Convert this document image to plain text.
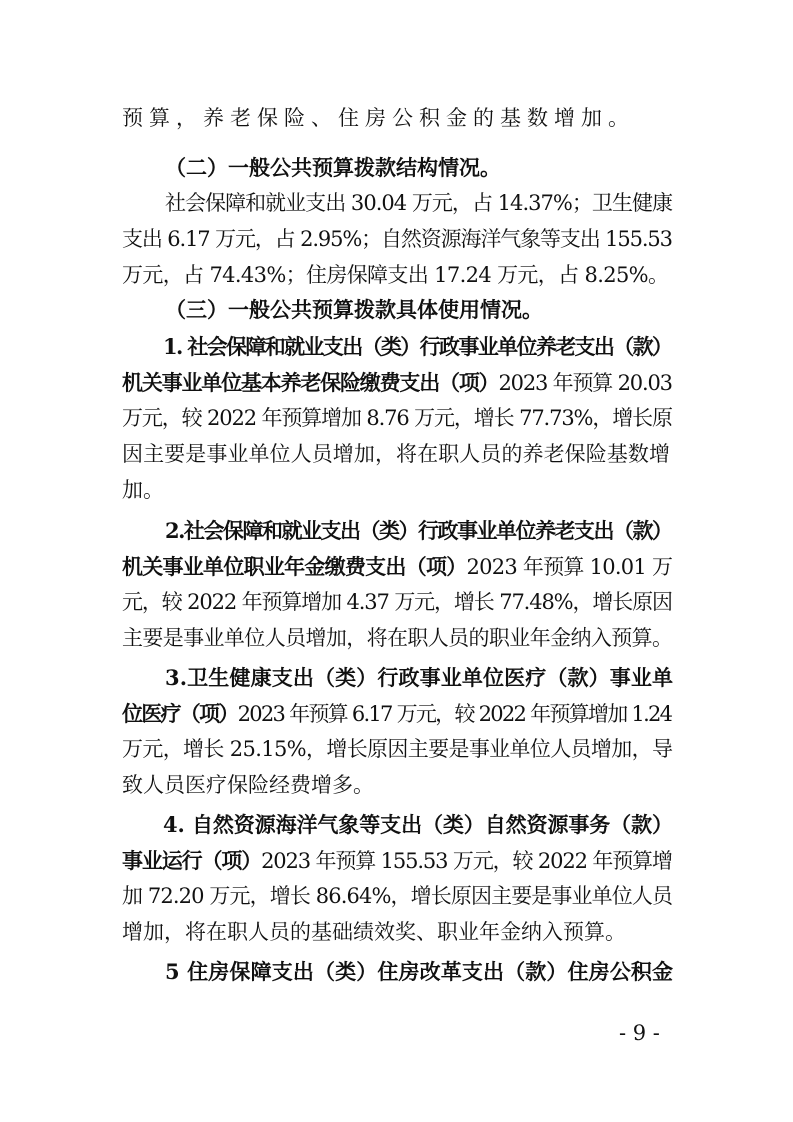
预算，养老保险、住房公积金的基数增加。
（二）一般公共预算拨款结构情况。
社会保障和就业支出 30.04 万元，占 14.37%；卫生健康
支出 6.17 万元，占 2.95%；自然资源海洋气象等支出 155.53
万元，占 74.43%；住房保障支出 17.24 万元，占 8.25%。
（三）一般公共预算拨款具体使用情况。
1. 社会保障和就业支出（类）行政事业单位养老支出（款）
机关事业单位基本养老保险缴费支出（项）2023 年预算 20.03
万元，较 2022 年预算增加 8.76 万元，增长 77.73%，增长原
因主要是事业单位人员增加，将在职人员的养老保险基数增
加。
2.社会保障和就业支出（类）行政事业单位养老支出（款）
机关事业单位职业年金缴费支出（项）2023 年预算 10.01 万
元，较 2022 年预算增加 4.37 万元，增长 77.48%，增长原因
主要是事业单位人员增加，将在职人员的职业年金纳入预算。
3.卫生健康支出（类）行政事业单位医疗（款）事业单
位医疗（项）2023 年预算 6.17 万元，较 2022 年预算增加 1.24
万元，增长 25.15%，增长原因主要是事业单位人员增加，导
致人员医疗保险经费增多。
4. 自然资源海洋气象等支出（类）自然资源事务（款）
事业运行（项）2023 年预算 155.53 万元，较 2022 年预算增
加 72.20 万元，增长 86.64%，增长原因主要是事业单位人员
增加，将在职人员的基础绩效奖、职业年金纳入预算。
5 住房保障支出（类）住房改革支出（款）住房公积金
- 9 -
